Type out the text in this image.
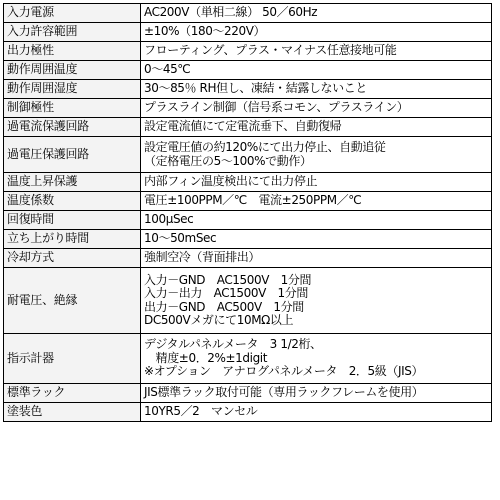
入力電源	AC200V（単相二線） 50／60Hz
入力許容範囲	±10%（180～220V）
出力極性	フローティング、プラス・マイナス任意接地可能
動作周囲温度	0～45℃
動作周囲湿度	30～85％ RH但し、凍結・結露しないこと
制御極性	プラスライン制御（信号系コモン、プラスライン）
過電流保護回路	設定電流値にて定電流垂下、自動復帰
過電圧保護回路	設定電圧値の約120%にて出力停止、自動追従
（定格電圧の5～100%で動作）
温度上昇保護	内部フィン温度検出にて出力停止
温度係数	電圧±100PPM／℃　電流±250PPM／℃
回復時間	100μSec
立ち上がり時間	10～50mSec
冷却方式	強制空冷（背面排出）
耐電圧、絶縁	入力－GND　AC1500V　1分間
入力－出力　AC1500V　1分間
出力－GND　AC500V　1分間
DC500Vメガにて10MΩ以上
指示計器	デジタルパネルメータ　3 1/2桁、
　精度±0．2%±1digit
※オプション　アナログパネルメータ　2．5級（JIS）
標準ラック	JIS標準ラック取付可能（専用ラックフレームを使用）
塗装色	10YR5／2　マンセル
